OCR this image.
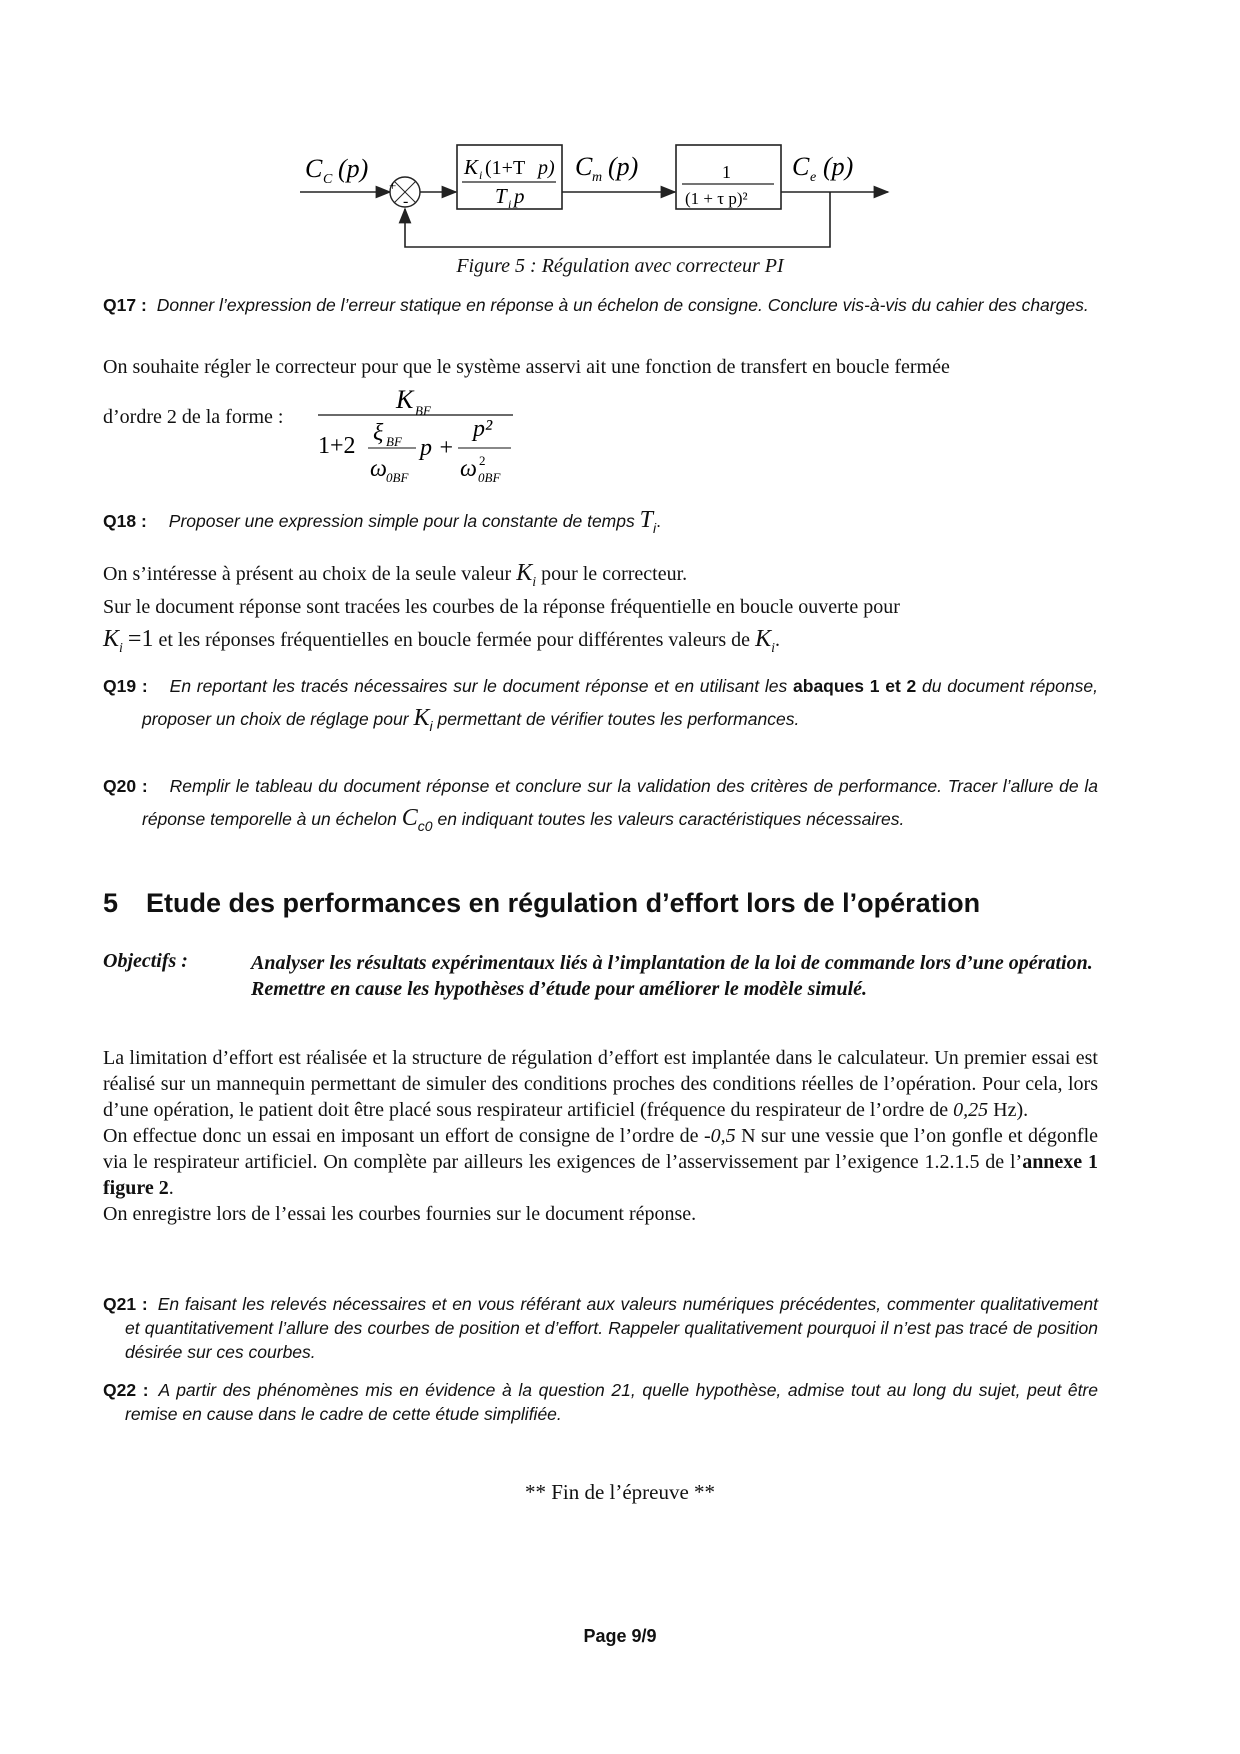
C C (p)
+
-
K i (1+T p)
T i p
C m (p)	1
(1 + τ p)²
C e (p)
Figure 5 : Régulation avec correcteur PI
Q17 : Donner l’expression de l’erreur statique en réponse à un échelon de consigne. Conclure vis-à-vis du cahier des charges.
On souhaite régler le correcteur pour que le système asservi ait une fonction de transfert en boucle fermée
d’ordre 2 de la forme :
K BF
1+2 ξ BF
ω 0BF
p +
p²
ω 2
0BF
Q18 : Proposer une expression simple pour la constante de temps $T_i$.
On s’intéresse à présent au choix de la seule valeur $K_i$ pour le correcteur.
Sur le document réponse sont tracées les courbes de la réponse fréquentielle en boucle ouverte pour
$K_i =1$ et les réponses fréquentielles en boucle fermée pour différentes valeurs de $K_i$.
Q19 : En reportant les tracés nécessaires sur le document réponse et en utilisant les abaques 1 et 2 du document réponse, proposer un choix de réglage pour $K_i$ permettant de vérifier toutes les performances.
Q20 : Remplir le tableau du document réponse et conclure sur la validation des critères de performance. Tracer l’allure de la réponse temporelle à un échelon $C_{c0}$ en indiquant toutes les valeurs caractéristiques nécessaires.
5 Etude des performances en régulation d’effort lors de l’opération
Objectifs :	Analyser les résultats expérimentaux liés à l’implantation de la loi de commande lors d’une opération.
Remettre en cause les hypothèses d’étude pour améliorer le modèle simulé.
La limitation d’effort est réalisée et la structure de régulation d’effort est implantée dans le calculateur. Un premier essai est réalisé sur un mannequin permettant de simuler des conditions proches des conditions réelles de l’opération. Pour cela, lors d’une opération, le patient doit être placé sous respirateur artificiel (fréquence du respirateur de l’ordre de 0,25 Hz).
On effectue donc un essai en imposant un effort de consigne de l’ordre de -0,5 N sur une vessie que l’on gonfle et dégonfle via le respirateur artificiel. On complète par ailleurs les exigences de l’asservissement par l’exigence 1.2.1.5 de l’annexe 1 figure 2.
On enregistre lors de l’essai les courbes fournies sur le document réponse.
Q21 : En faisant les relevés nécessaires et en vous référant aux valeurs numériques précédentes, commenter qualitativement et quantitativement l’allure des courbes de position et d’effort. Rappeler qualitativement pourquoi il n’est pas tracé de position désirée sur ces courbes.
Q22 : A partir des phénomènes mis en évidence à la question 21, quelle hypothèse, admise tout au long du sujet, peut être remise en cause dans le cadre de cette étude simplifiée.
** Fin de l’épreuve **
Page 9/9
